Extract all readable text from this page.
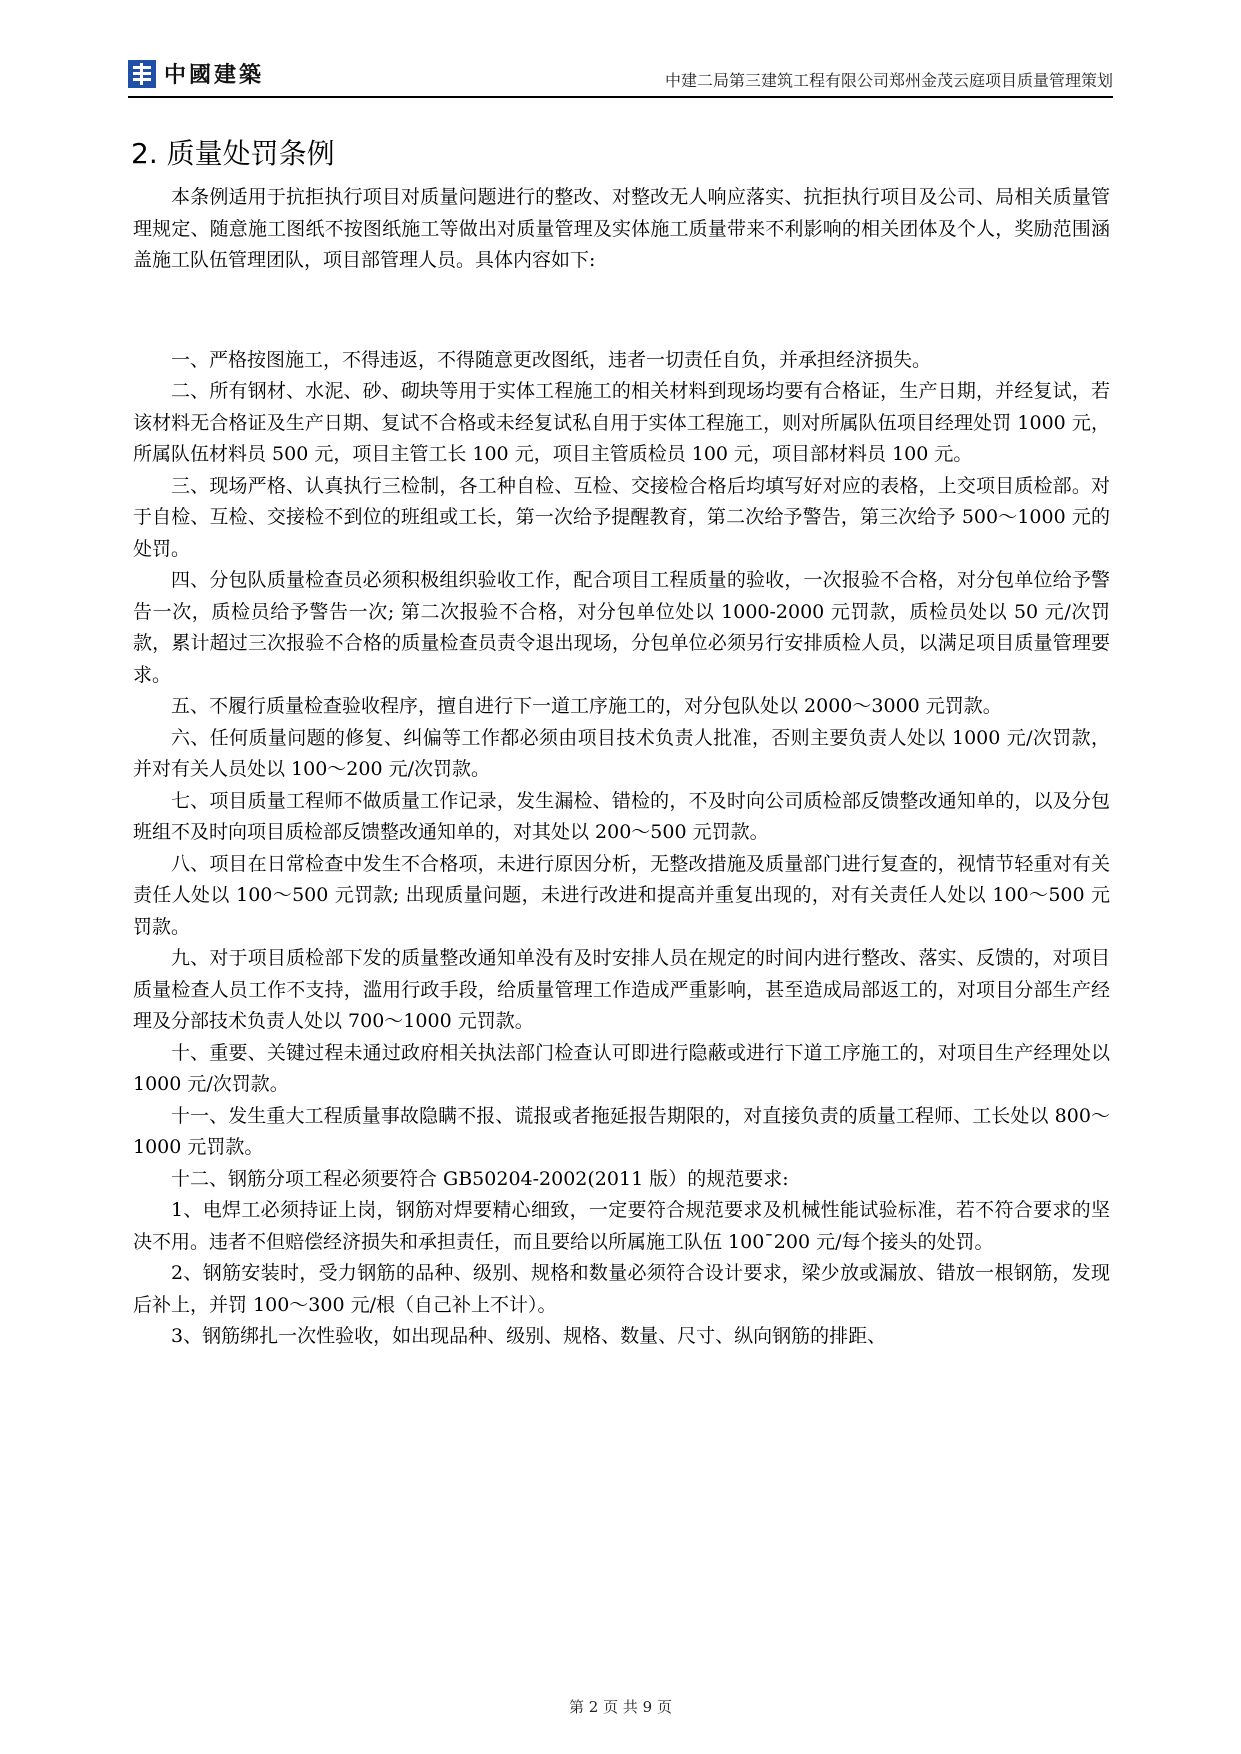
中國建築	中建二局第三建筑工程有限公司郑州金茂云庭项目质量管理策划
2. 质量处罚条例

本条例适用于抗拒执行项目对质量问题进行的整改、对整改无人响应落实、抗拒执行项目及公司、局相关质量管理规定、随意施工图纸不按图纸施工等做出对质量管理及实体施工质量带来不利影响的相关团体及个人，奖励范围涵盖施工队伍管理团队，项目部管理人员。具体内容如下:

一、严格按图施工，不得违返，不得随意更改图纸，违者一切责任自负，并承担经济损失。

二、所有钢材、水泥、砂、砌块等用于实体工程施工的相关材料到现场均要有合格证，生产日期，并经复试，若该材料无合格证及生产日期、复试不合格或未经复试私自用于实体工程施工，则对所属队伍项目经理处罚 1000 元，所属队伍材料员 500 元，项目主管工长 100 元，项目主管质检员 100 元，项目部材料员 100 元。

三、现场严格、认真执行三检制，各工种自检、互检、交接检合格后均填写好对应的表格，上交项目质检部。对于自检、互检、交接检不到位的班组或工长，第一次给予提醒教育，第二次给予警告，第三次给予 500～1000 元的处罚。

四、分包队质量检查员必须积极组织验收工作，配合项目工程质量的验收，一次报验不合格，对分包单位给予警告一次，质检员给予警告一次; 第二次报验不合格，对分包单位处以 1000-2000 元罚款，质检员处以 50 元/次罚款，累计超过三次报验不合格的质量检查员责令退出现场，分包单位必须另行安排质检人员，以满足项目质量管理要求。

五、不履行质量检查验收程序，擅自进行下一道工序施工的，对分包队处以 2000～3000 元罚款。

六、任何质量问题的修复、纠偏等工作都必须由项目技术负责人批准，否则主要负责人处以 1000 元/次罚款，并对有关人员处以 100～200 元/次罚款。

七、项目质量工程师不做质量工作记录，发生漏检、错检的，不及时向公司质检部反馈整改通知单的，以及分包班组不及时向项目质检部反馈整改通知单的，对其处以 200～500 元罚款。

八、项目在日常检查中发生不合格项，未进行原因分析，无整改措施及质量部门进行复查的，视情节轻重对有关责任人处以 100～500 元罚款; 出现质量问题，未进行改进和提高并重复出现的，对有关责任人处以 100～500 元罚款。

九、对于项目质检部下发的质量整改通知单没有及时安排人员在规定的时间内进行整改、落实、反馈的，对项目质量检查人员工作不支持，滥用行政手段，给质量管理工作造成严重影响，甚至造成局部返工的，对项目分部生产经理及分部技术负责人处以 700～1000 元罚款。

十、重要、关键过程未通过政府相关执法部门检查认可即进行隐蔽或进行下道工序施工的，对项目生产经理处以 1000 元/次罚款。

十一、发生重大工程质量事故隐瞒不报、谎报或者拖延报告期限的，对直接负责的质量工程师、工长处以 800～1000 元罚款。

十二、钢筋分项工程必须要符合 GB50204-2002(2011 版）的规范要求:

1、电焊工必须持证上岗，钢筋对焊要精心细致，一定要符合规范要求及机械性能试验标准，若不符合要求的坚决不用。违者不但赔偿经济损失和承担责任，而且要给以所属施工队伍 100¯200 元/每个接头的处罚。

2、钢筋安装时，受力钢筋的品种、级别、规格和数量必须符合设计要求，梁少放或漏放、错放一根钢筋，发现后补上，并罚 100～300 元/根（自己补上不计）。

3、钢筋绑扎一次性验收，如出现品种、级别、规格、数量、尺寸、纵向钢筋的排距、

第 2 页 共 9 页
